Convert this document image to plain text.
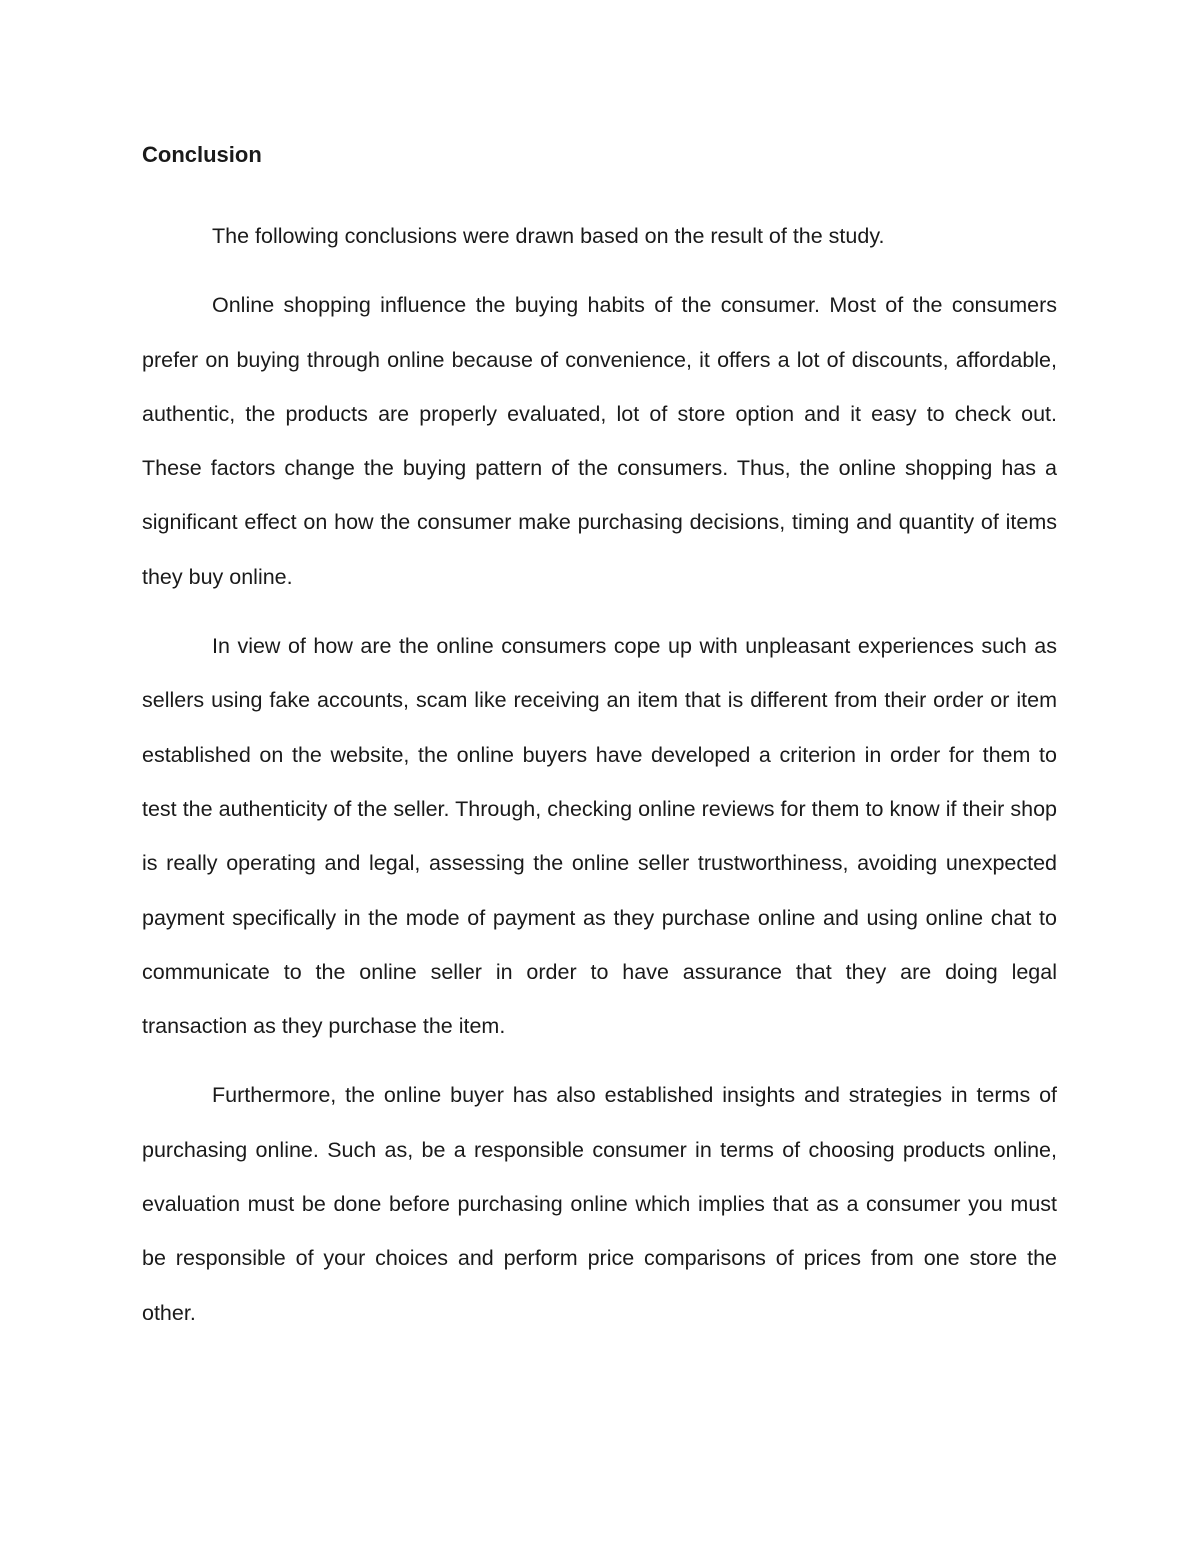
Conclusion

The following conclusions were drawn based on the result of the study.

Online shopping influence the buying habits of the consumer. Most of the consumers prefer on buying through online because of convenience, it offers a lot of discounts, affordable, authentic, the products are properly evaluated, lot of store option and it easy to check out. These factors change the buying pattern of the consumers. Thus, the online shopping has a significant effect on how the consumer make purchasing decisions, timing and quantity of items they buy online.

In view of how are the online consumers cope up with unpleasant experiences such as sellers using fake accounts, scam like receiving an item that is different from their order or item established on the website, the online buyers have developed a criterion in order for them to test the authenticity of the seller. Through, checking online reviews for them to know if their shop is really operating and legal, assessing the online seller trustworthiness, avoiding unexpected payment specifically in the mode of payment as they purchase online and using online chat to communicate to the online seller in order to have assurance that they are doing legal transaction as they purchase the item.

Furthermore, the online buyer has also established insights and strategies in terms of purchasing online. Such as, be a responsible consumer in terms of choosing products online, evaluation must be done before purchasing online which implies that as a consumer you must be responsible of your choices and perform price comparisons of prices from one store the other.
